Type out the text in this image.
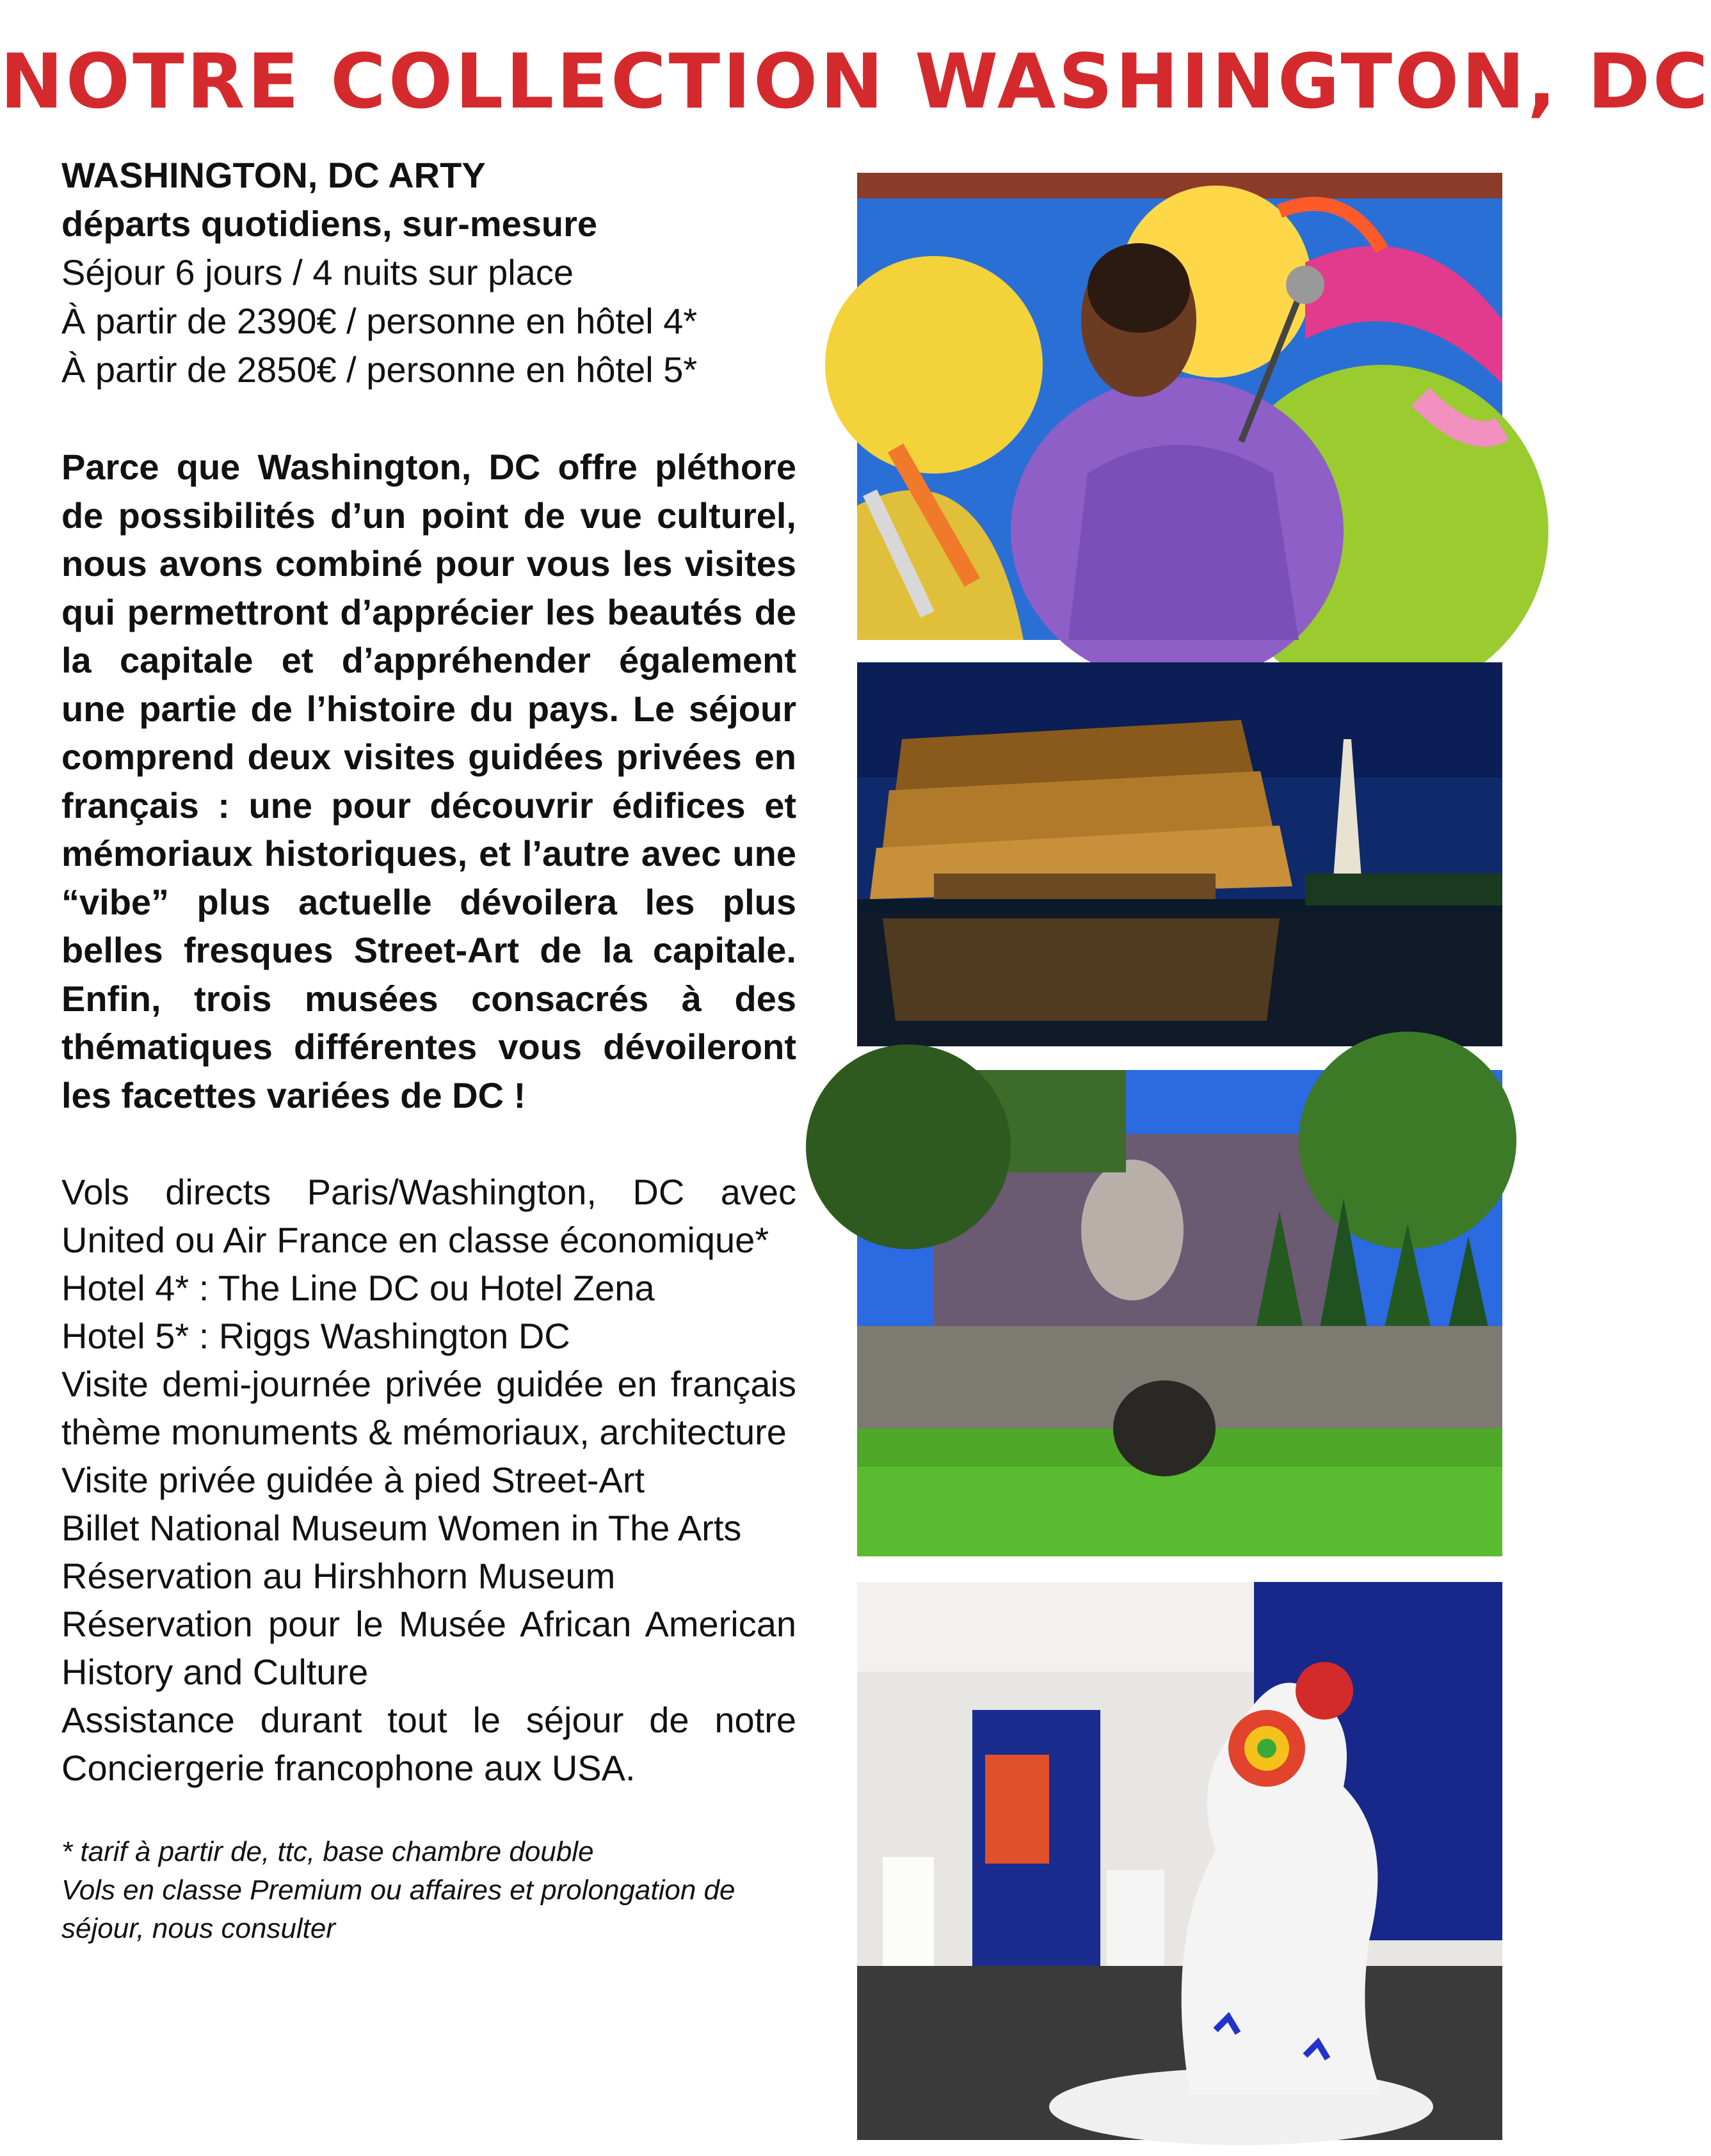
NOTRE COLLECTION WASHINGTON, DC
WASHINGTON, DC ARTY
départs quotidiens, sur-mesure
Séjour 6 jours / 4 nuits sur place
À partir de 2390€ / personne en hôtel 4*
À partir de 2850€ / personne en hôtel 5*
Parce que Washington, DC offre pléthore de possibilités d’un point de vue culturel, nous avons combiné pour vous les visites qui permettront d’apprécier les beautés de la capitale et d’appréhender également une partie de l’histoire du pays. Le séjour comprend deux visites guidées privées en français : une pour découvrir édifices et mémoriaux historiques, et l’autre avec une “vibe” plus actuelle dévoilera les plus belles fresques Street-Art de la capitale. Enfin, trois musées consacrés à des thématiques différentes vous dévoileront les facettes variées de DC !
Vols directs Paris/Washington, DC avec United ou Air France en classe économique*
Hotel 4* : The Line DC ou Hotel Zena
Hotel 5* : Riggs Washington DC
Visite demi-journée privée guidée en français thème monuments & mémoriaux, architecture
Visite privée guidée à pied Street-Art
Billet National Museum Women in The Arts
Réservation au Hirshhorn Museum
Réservation pour le Musée African American History and Culture
Assistance durant tout le séjour de notre Conciergerie francophone aux USA.
* tarif à partir de, ttc, base chambre double
Vols en classe Premium ou affaires et prolongation de séjour, nous consulter
